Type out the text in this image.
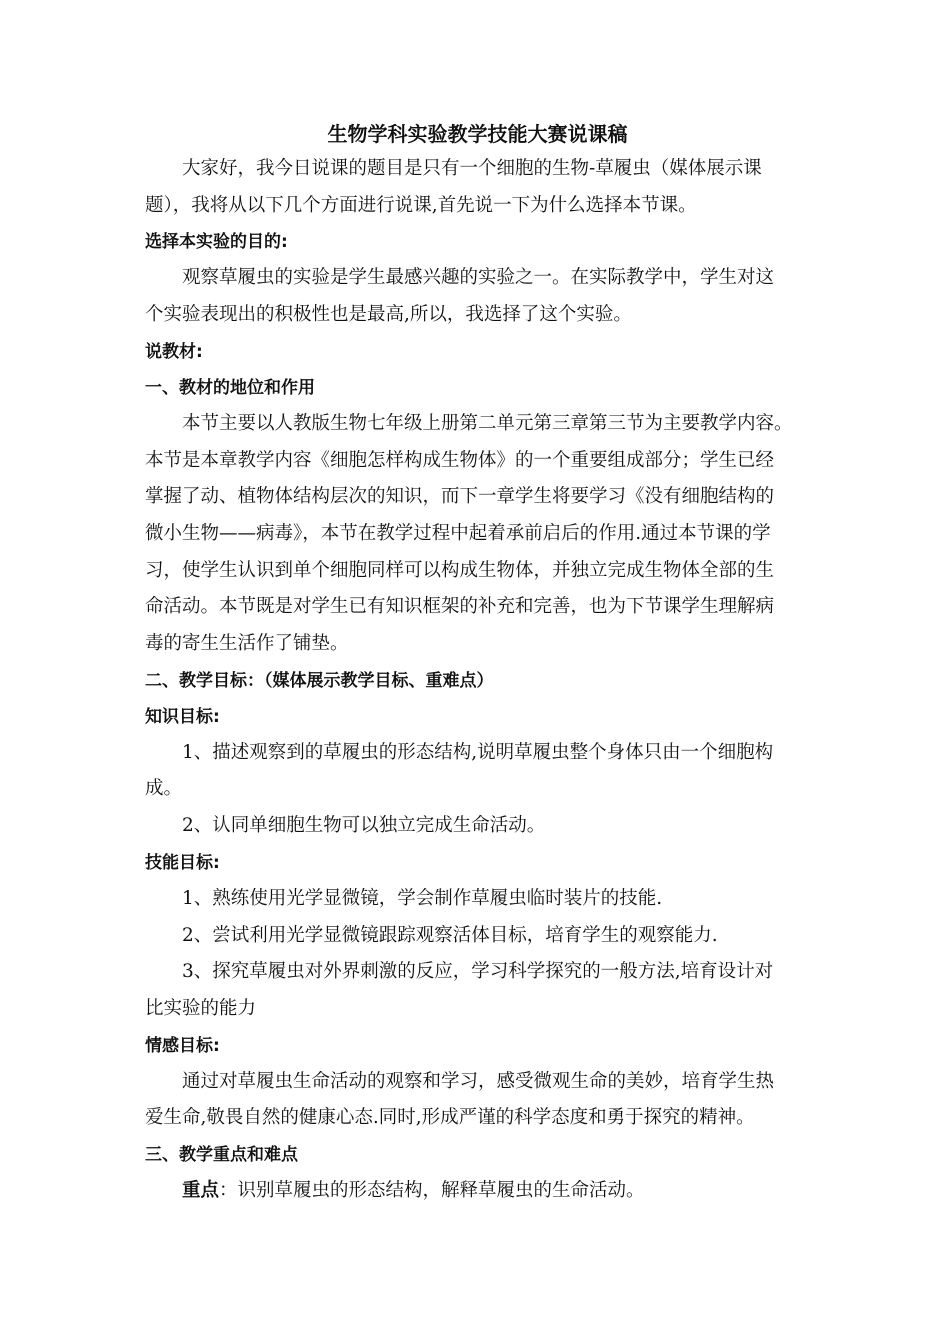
生物学科实验教学技能大赛说课稿

大家好，我今日说课的题目是只有一个细胞的生物-草履虫（媒体展示课
题），我将从以下几个方面进行说课,首先说一下为什么选择本节课。

选择本实验的目的:

观察草履虫的实验是学生最感兴趣的实验之一。在实际教学中，学生对这
个实验表现出的积极性也是最高,所以，我选择了这个实验。

说教材:

一、教材的地位和作用

本节主要以人教版生物七年级上册第二单元第三章第三节为主要教学内容。
本节是本章教学内容《细胞怎样构成生物体》的一个重要组成部分；学生已经
掌握了动、植物体结构层次的知识，而下一章学生将要学习《没有细胞结构的
微小生物——病毒》，本节在教学过程中起着承前启后的作用.通过本节课的学
习，使学生认识到单个细胞同样可以构成生物体，并独立完成生物体全部的生
命活动。本节既是对学生已有知识框架的补充和完善，也为下节课学生理解病
毒的寄生生活作了铺垫。

二、教学目标：（媒体展示教学目标、重难点）

知识目标:

1、描述观察到的草履虫的形态结构,说明草履虫整个身体只由一个细胞构
成。

2、认同单细胞生物可以独立完成生命活动。

技能目标:

1、熟练使用光学显微镜，学会制作草履虫临时装片的技能.

2、尝试利用光学显微镜跟踪观察活体目标，培育学生的观察能力.

3、探究草履虫对外界刺激的反应，学习科学探究的一般方法,培育设计对
比实验的能力

情感目标:

通过对草履虫生命活动的观察和学习，感受微观生命的美妙，培育学生热
爱生命,敬畏自然的健康心态.同时,形成严谨的科学态度和勇于探究的精神。

三、教学重点和难点

重点：识别草履虫的形态结构，解释草履虫的生命活动。
